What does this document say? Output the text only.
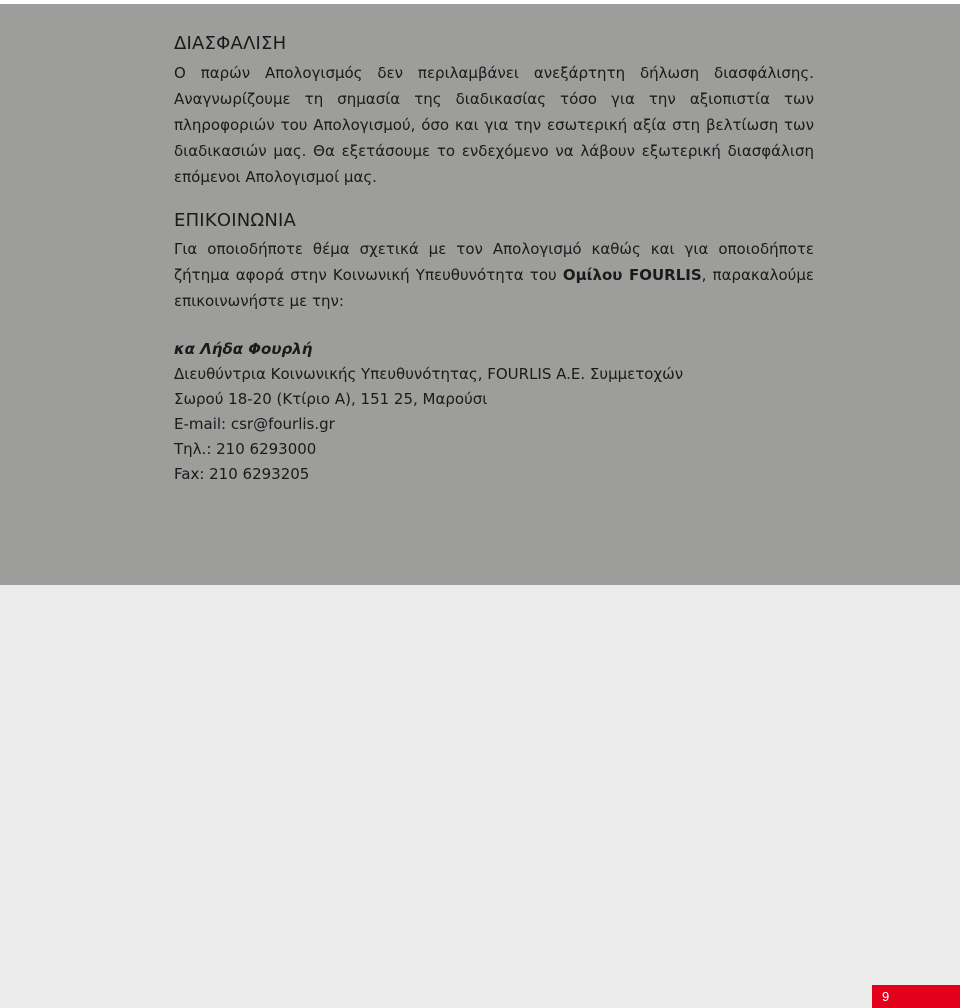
ΔΙΑΣΦΑΛΙΣΗ

Ο παρών Απολογισμός δεν περιλαμβάνει ανεξάρτητη δήλωση διασφάλισης. Αναγνωρίζουμε τη σημασία της διαδικασίας τόσο για την αξιοπιστία των πληροφοριών του Απολογισμού, όσο και για την εσωτερική αξία στη βελτίωση των διαδικασιών μας. Θα εξετάσουμε το ενδεχόμενο να λάβουν εξωτερική διασφάλιση επόμενοι Απολογισμοί μας.

ΕΠΙΚΟΙΝΩΝΙΑ

Για οποιοδήποτε θέμα σχετικά με τον Απολογισμό καθώς και για οποιοδήποτε ζήτημα αφορά στην Κοινωνική Υπευθυνότητα του Ομίλου FOURLIS, παρακαλούμε επικοινωνήστε με την:

κα Λήδα Φουρλή
Διευθύντρια Κοινωνικής Υπευθυνότητας, FOURLIS A.E. Συμμετοχών
Σωρού 18-20 (Κτίριο Α), 151 25, Μαρούσι
E-mail: csr@fourlis.gr
Τηλ.: 210 6293000
Fax: 210 6293205
9
